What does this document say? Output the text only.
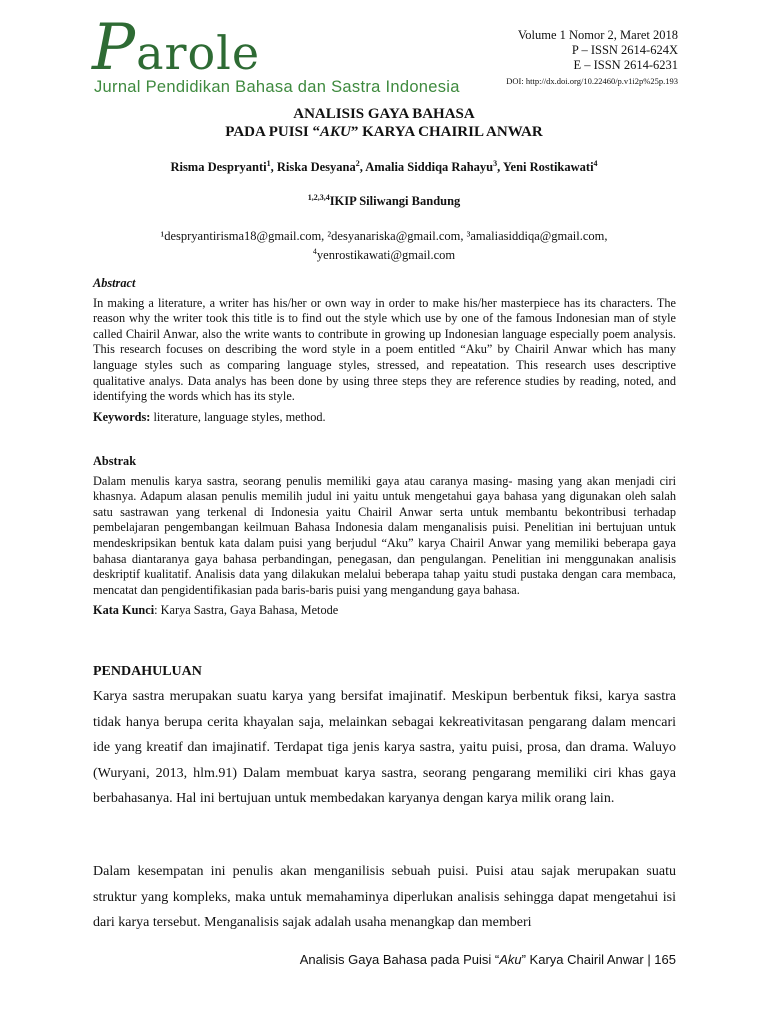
Parole
Jurnal Pendidikan Bahasa dan Sastra Indonesia
Volume 1 Nomor 2, Maret 2018
P – ISSN 2614-624X
E – ISSN 2614-6231
DOI: http://dx.doi.org/10.22460/p.v1i2p%25p.193
ANALISIS GAYA BAHASA
PADA PUISI “AKU” KARYA CHAIRIL ANWAR
Risma Despryanti$^1$, Riska Desyana$^2$, Amalia Siddiqa Rahayu$^3$, Yeni Rostikawati$^4$
$^{1,2,3,4}$IKIP Siliwangi Bandung
¹despryantirisma18@gmail.com, ²desyanariska@gmail.com, ³amaliasiddiqa@gmail.com,
$^4$yenrostikawati@gmail.com
Abstract
In making a literature, a writer has his/her or own way in order to make his/her masterpiece has its characters. The reason why the writer took this title is to find out the style which use by one of the famous Indonesian man of style called Chairil Anwar, also the write wants to contribute in growing up Indonesian language especially poem analysis. This research focuses on describing the word style in a poem entitled “Aku” by Chairil Anwar which has many language styles such as comparing language styles, stressed, and repeatation. This research uses descriptive qualitative analys. Data analys has been done by using three steps they are reference studies by reading, noted, and identifying the words which has its style.
Keywords: literature, language styles, method.
Abstrak
Dalam menulis karya sastra, seorang penulis memiliki gaya atau caranya masing- masing yang akan menjadi ciri khasnya. Adapum alasan penulis memilih judul ini yaitu untuk mengetahui gaya bahasa yang digunakan oleh salah satu sastrawan yang terkenal di Indonesia yaitu Chairil Anwar serta untuk membantu bekontribusi terhadap pembelajaran pengembangan keilmuan Bahasa Indonesia dalam menganalisis puisi. Penelitian ini bertujuan untuk mendeskripsikan bentuk kata dalam puisi yang berjudul “Aku” karya Chairil Anwar yang memiliki beberapa gaya bahasa diantaranya gaya bahasa perbandingan, penegasan, dan pengulangan. Penelitian ini menggunakan analisis deskriptif kualitatif. Analisis data yang dilakukan melalui beberapa tahap yaitu studi pustaka dengan cara membaca, mencatat dan pengidentifikasian pada baris-baris puisi yang mengandung gaya bahasa.
Kata Kunci: Karya Sastra, Gaya Bahasa, Metode
PENDAHULUAN
Karya sastra merupakan suatu karya yang bersifat imajinatif. Meskipun berbentuk fiksi, karya sastra tidak hanya berupa cerita khayalan saja, melainkan sebagai kekreativitasan pengarang dalam mencari ide yang kreatif dan imajinatif. Terdapat tiga jenis karya sastra, yaitu puisi, prosa, dan drama. Waluyo (Wuryani, 2013, hlm.91) Dalam membuat karya sastra, seorang pengarang memiliki ciri khas gaya berbahasanya. Hal ini bertujuan untuk membedakan karyanya dengan karya milik orang lain.
Dalam kesempatan ini penulis akan menganilisis sebuah puisi. Puisi atau sajak merupakan suatu struktur yang kompleks, maka untuk memahaminya diperlukan analisis sehingga dapat mengetahui isi dari karya tersebut. Menganalisis sajak adalah usaha menangkap dan memberi
Analisis Gaya Bahasa pada Puisi “Aku” Karya Chairil Anwar | 165
